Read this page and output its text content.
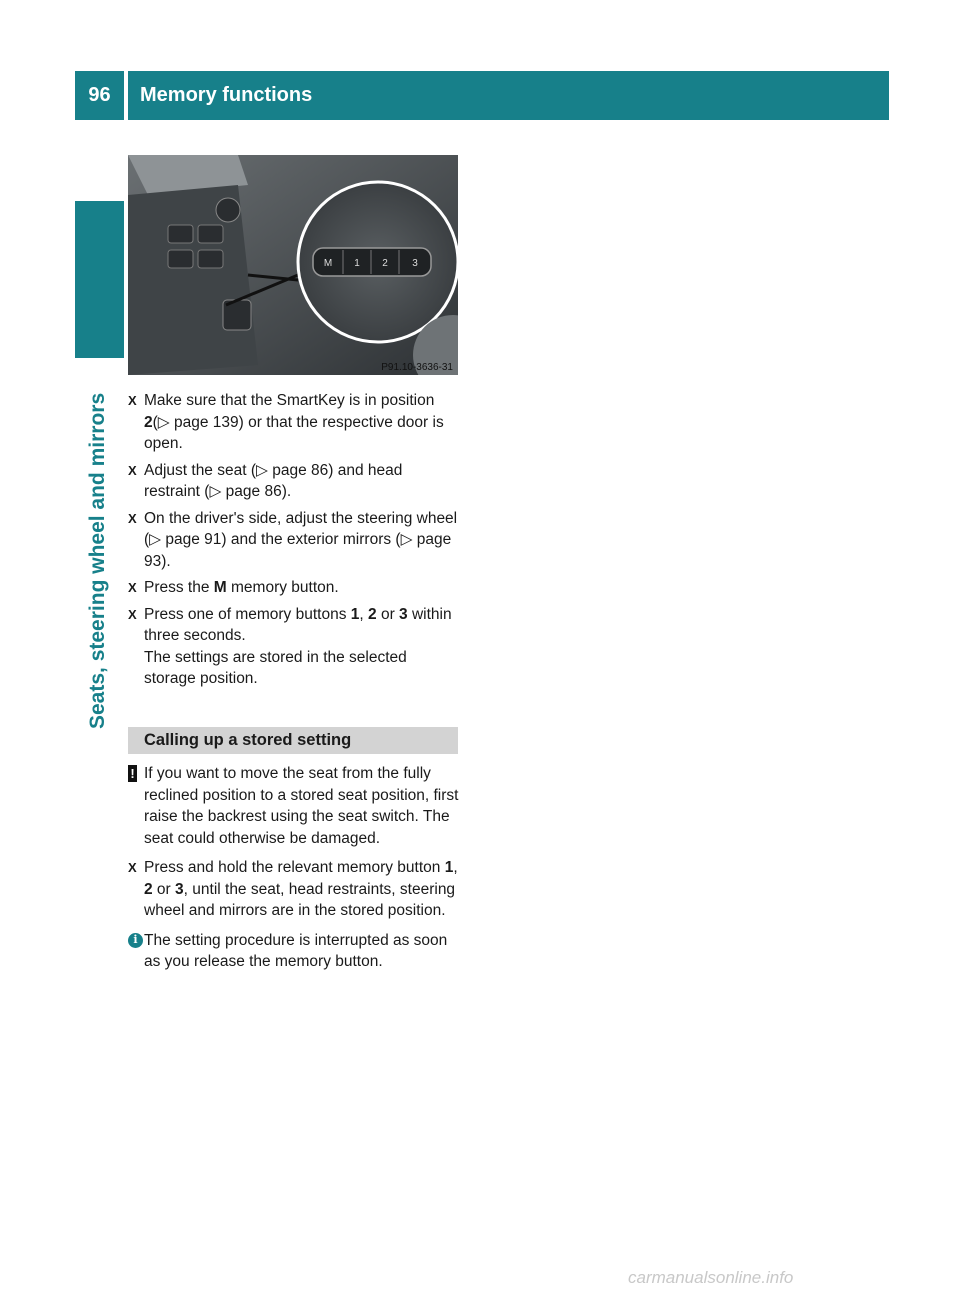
96	Memory functions
Seats, steering wheel and mirrors
M 1 2 3
P91.10-3636-31

X Make sure that the SmartKey is in position 2(▷ page 139) or that the respective door is open.

X Adjust the seat (▷ page 86) and head restraint (▷ page 86).

X On the driver's side, adjust the steering wheel (▷ page 91) and the exterior mirrors (▷ page 93).

X Press the M memory button.

X Press one of memory buttons 1, 2 or 3 within three seconds.
The settings are stored in the selected storage position.

Calling up a stored setting
! If you want to move the seat from the fully reclined position to a stored seat position, first raise the backrest using the seat switch. The seat could otherwise be damaged.

X Press and hold the relevant memory button 1, 2 or 3, until the seat, head restraints, steering wheel and mirrors are in the stored position.

i The setting procedure is interrupted as soon as you release the memory button.
carmanualsonline.info
